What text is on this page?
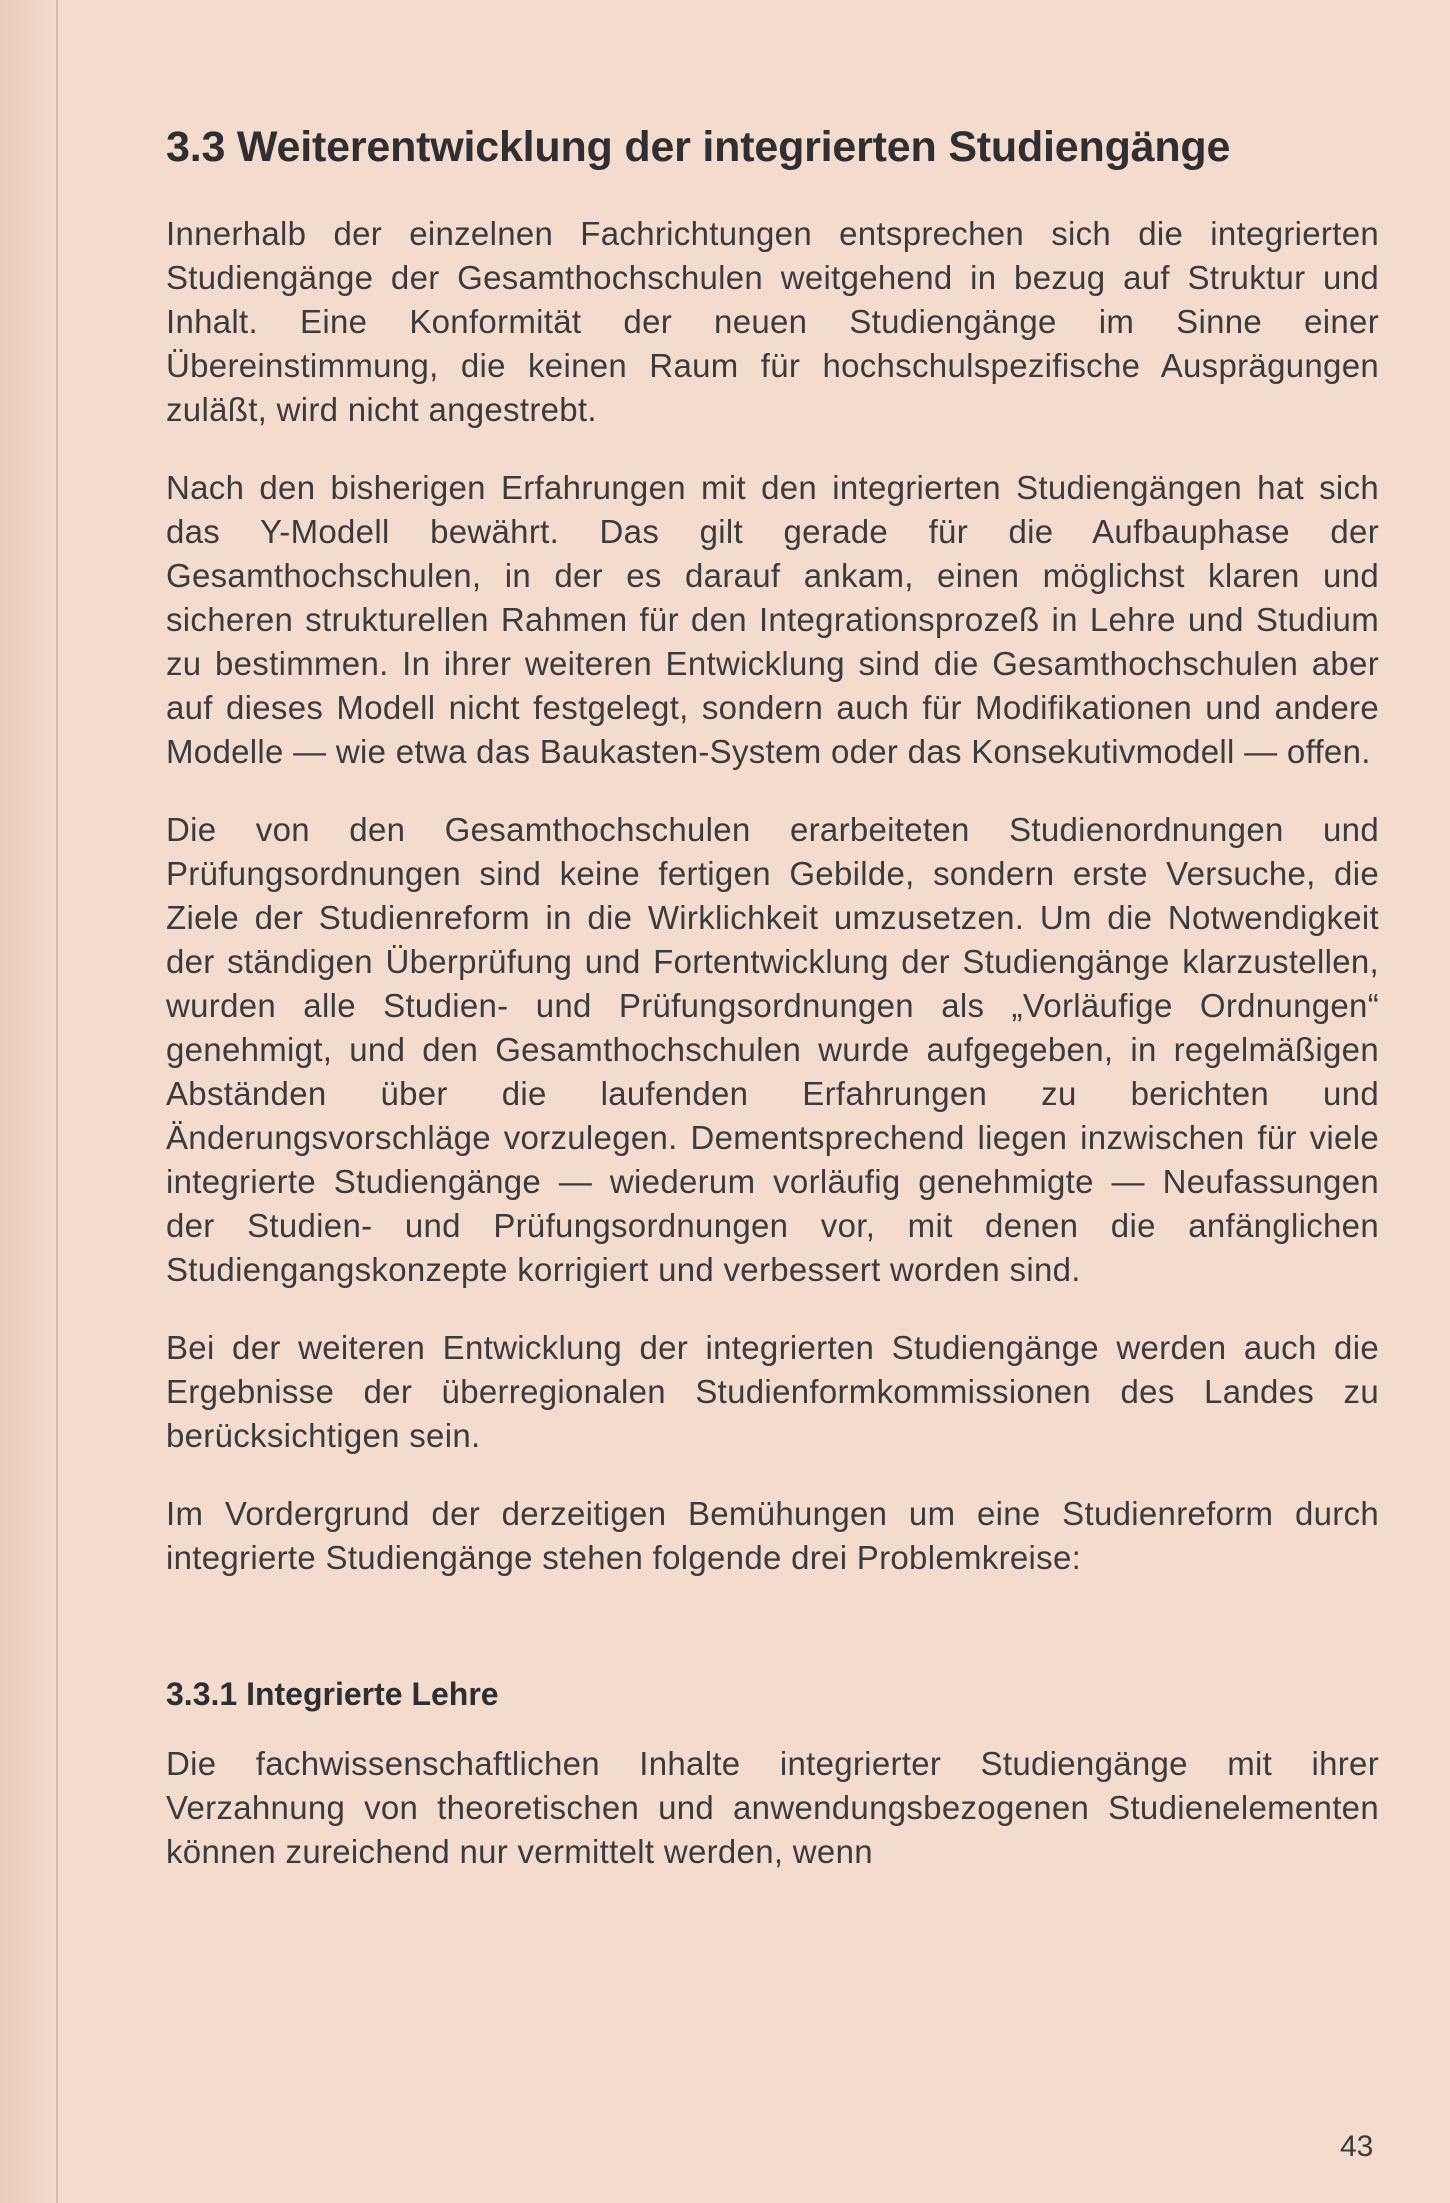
3.3 Weiterentwicklung der integrierten Studiengänge

Innerhalb der einzelnen Fachrichtungen entsprechen sich die integrierten Studiengänge der Gesamthochschulen weitgehend in bezug auf Struktur und Inhalt. Eine Konformität der neuen Studiengänge im Sinne einer Übereinstimmung, die keinen Raum für hochschulspezifische Ausprägungen zuläßt, wird nicht angestrebt.

Nach den bisherigen Erfahrungen mit den integrierten Studiengängen hat sich das Y-Modell bewährt. Das gilt gerade für die Aufbauphase der Gesamthochschulen, in der es darauf ankam, einen möglichst klaren und sicheren strukturellen Rahmen für den Integrationsprozeß in Lehre und Studium zu bestimmen. In ihrer weiteren Entwicklung sind die Gesamthochschulen aber auf dieses Modell nicht festgelegt, sondern auch für Modifikationen und andere Modelle — wie etwa das Baukasten-System oder das Konsekutivmodell — offen.

Die von den Gesamthochschulen erarbeiteten Studienordnungen und Prüfungsordnungen sind keine fertigen Gebilde, sondern erste Versuche, die Ziele der Studienreform in die Wirklichkeit umzusetzen. Um die Notwendigkeit der ständigen Überprüfung und Fortentwicklung der Studiengänge klarzustellen, wurden alle Studien- und Prüfungsordnungen als „Vorläufige Ordnungen“ genehmigt, und den Gesamthochschulen wurde aufgegeben, in regelmäßigen Abständen über die laufenden Erfahrungen zu berichten und Änderungsvorschläge vorzulegen. Dementsprechend liegen inzwischen für viele integrierte Studiengänge — wiederum vorläufig genehmigte — Neufassungen der Studien- und Prüfungsordnungen vor, mit denen die anfänglichen Studiengangskonzepte korrigiert und verbessert worden sind.

Bei der weiteren Entwicklung der integrierten Studiengänge werden auch die Ergebnisse der überregionalen Studienformkommissionen des Landes zu berücksichtigen sein.

Im Vordergrund der derzeitigen Bemühungen um eine Studienreform durch integrierte Studiengänge stehen folgende drei Problemkreise:

3.3.1 Integrierte Lehre

Die fachwissenschaftlichen Inhalte integrierter Studiengänge mit ihrer Verzahnung von theoretischen und anwendungsbezogenen Studienelementen können zureichend nur vermittelt werden, wenn

43
